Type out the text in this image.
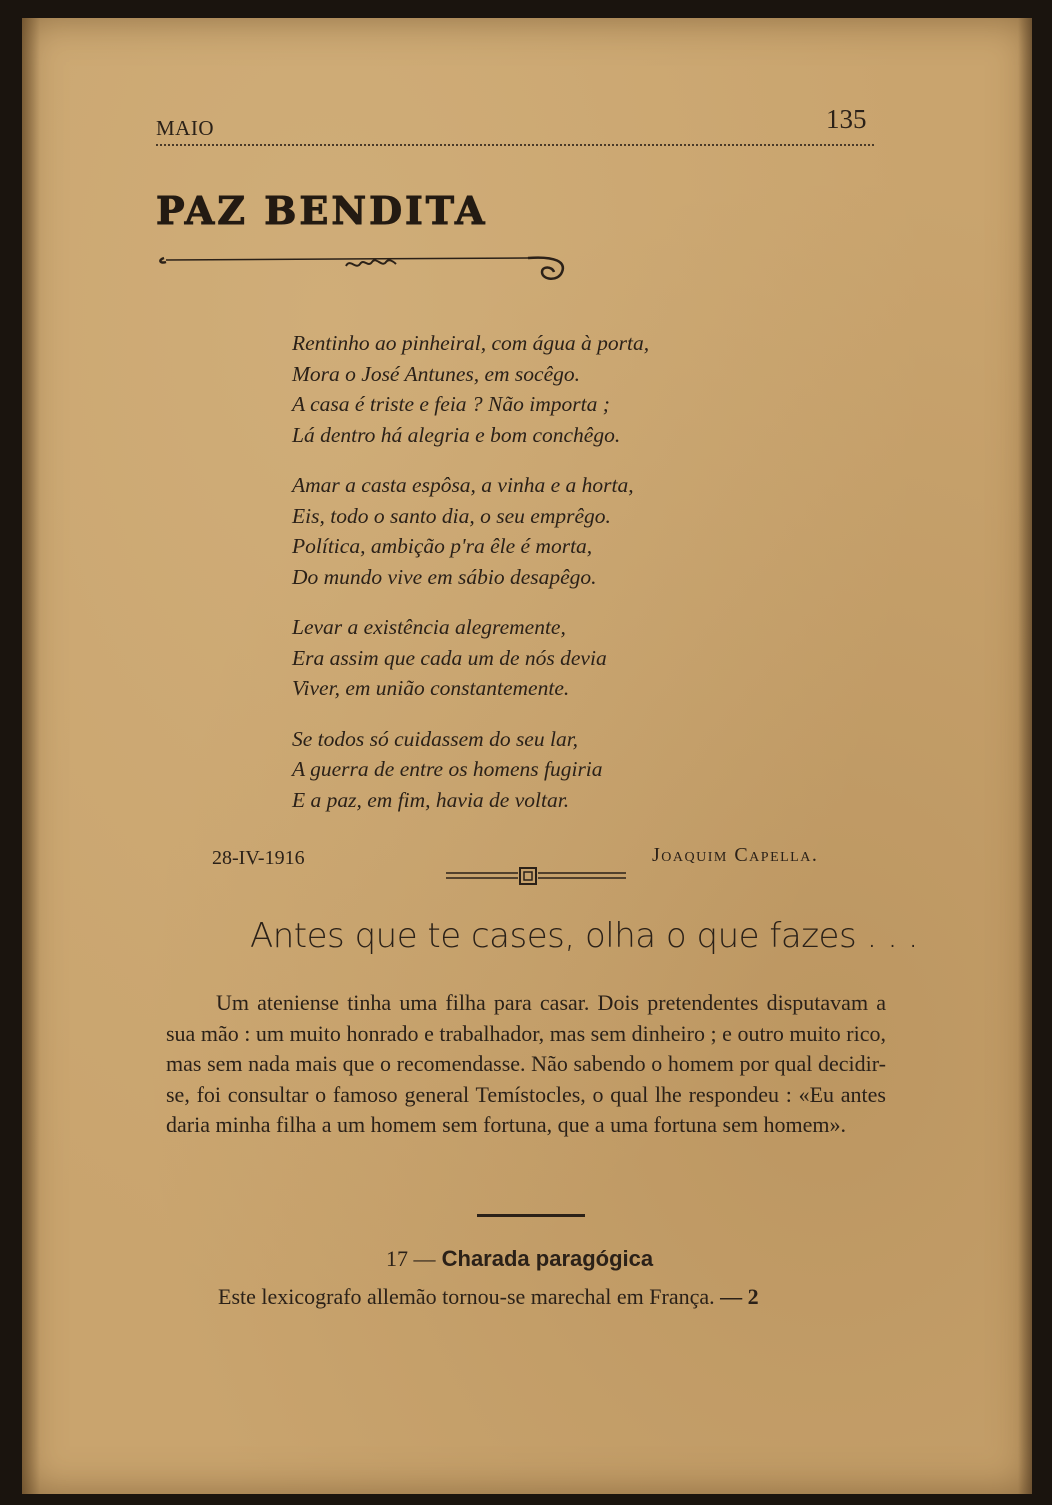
MAIO	135
PAZ BENDITA
Rentinho ao pinheiral, com água à porta,
Mora o José Antunes, em socêgo.
A casa é triste e feia ? Não importa ;
Lá dentro há alegria e bom conchêgo.
Amar a casta espôsa, a vinha e a horta,
Eis, todo o santo dia, o seu emprêgo.
Política, ambição p'ra êle é morta,
Do mundo vive em sábio desapêgo.
Levar a existência alegremente,
Era assim que cada um de nós devia
Viver, em união constantemente.
Se todos só cuidassem do seu lar,
A guerra de entre os homens fugiria
E a paz, em fim, havia de voltar.
28-IV-1916	Joaquim Capella.
Antes que te cases, olha o que fazes . . .
Um ateniense tinha uma filha para casar. Dois pretendentes disputavam a sua mão : um muito honrado e trabalhador, mas sem dinheiro ; e outro muito rico, mas sem nada mais que o recomendasse. Não sabendo o homem por qual decidir-se, foi consultar o famoso general Temístocles, o qual lhe respondeu : «Eu antes daria minha filha a um homem sem fortuna, que a uma fortuna sem homem».
17 — Charada paragógica
Este lexicografo allemão tornou-se marechal em França. — 2
